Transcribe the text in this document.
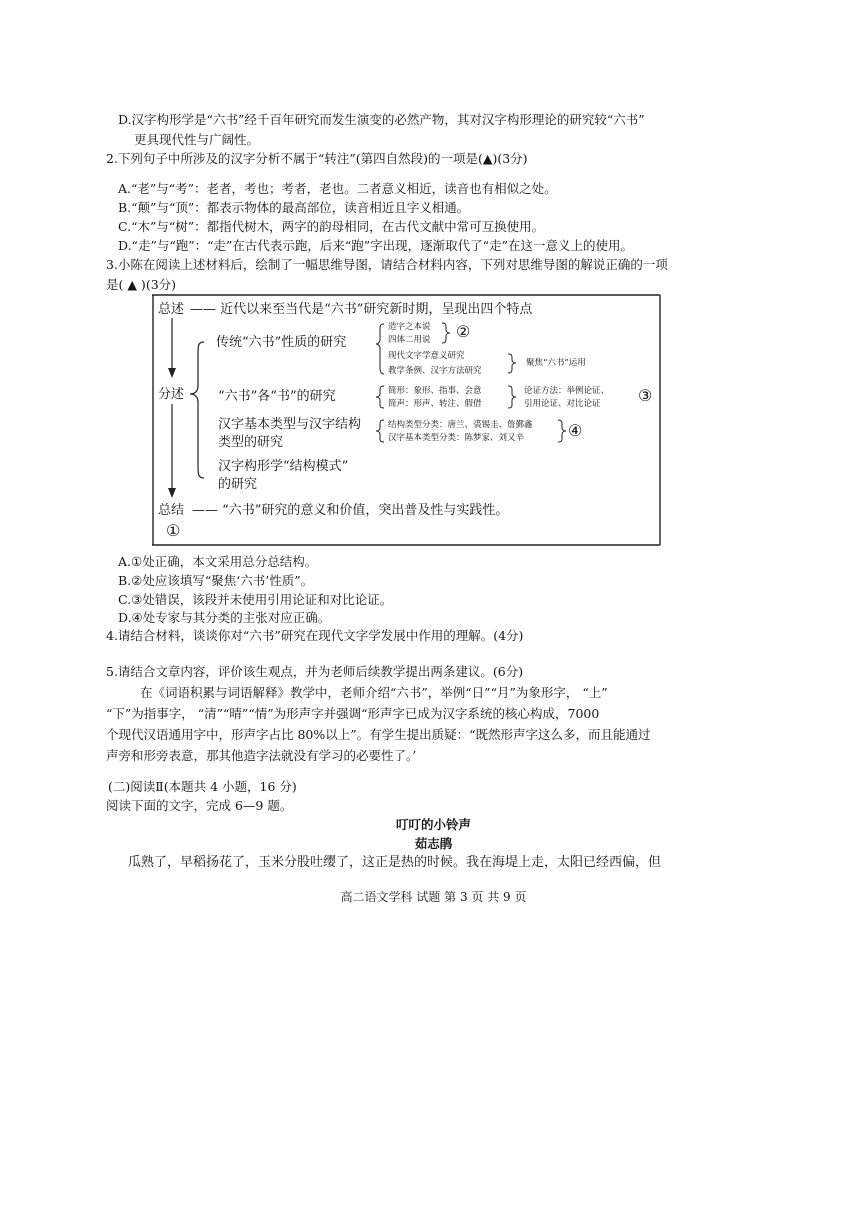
D.汉字构形学是“六书”经千百年研究而发生演变的必然产物，其对汉字构形理论的研究较“六书”
更具现代性与广阔性。
2.下列句子中所涉及的汉字分析不属于“转注”(第四自然段)的一项是(▲)(3分)
A.“老”与“考”：老者，考也；考者，老也。二者意义相近，读音也有相似之处。
B.“颠”与“顶”：都表示物体的最高部位，读音相近且字义相通。
C.“木”与“树”：都指代树木，两字的韵母相同，在古代文献中常可互换使用。
D.“走”与“跑”：“走”在古代表示跑，后来“跑”字出现，逐渐取代了“走”在这一意义上的使用。
3.小陈在阅读上述材料后，绘制了一幅思维导图，请结合材料内容，下列对思维导图的解说正确的一项
是( ▲ )(3分)
总述 —— 近代以来至当代是“六书”研究新时期，呈现出四个特点
分述
传统“六书”性质的研究
造字之本说
四体二用说 ②
现代文字学意义研究
教学条例、汉字方法研究
聚焦“六书”运用
“六书”各“书”的研究	简形：象形、指事、会意
简声：形声、转注、假借
论证方法：举例论证、
引用论证、对比论证 ③
汉字基本类型与汉字结构
类型的研究
结构类型分类：唐兰、裘锡圭、詹鄞鑫
汉字基本类型分类：陈梦家、刘又辛	④
汉字构形学“结构模式”
的研究
总结 —— “六书”研究的意义和价值，突出普及性与实践性。
①
A.①处正确，本文采用总分总结构。
B.②处应该填写“聚焦‘六书’性质”。
C.③处错误，该段并未使用引用论证和对比论证。
D.④处专家与其分类的主张对应正确。
4.请结合材料，谈谈你对“六书”研究在现代文字学发展中作用的理解。(4分)
5.请结合文章内容，评价该生观点，并为老师后续教学提出两条建议。(6分)
在《词语积累与词语解释》教学中，老师介绍“六书”，举例“日”“月”为象形字， “上”
“下”为指事字， “清”“晴”“情”为形声字并强调“形声字已成为汉字系统的核心构成，7000
个现代汉语通用字中，形声字占比 80%以上”。有学生提出质疑：“既然形声字这么多，而且能通过
声旁和形旁表意，那其他造字法就没有学习的必要性了。’
(二)阅读Ⅱ(本题共 4 小题，16 分)
阅读下面的文字，完成 6—9 题。
叮叮的小铃声
茹志鹃
瓜熟了，早稻扬花了，玉米分股吐缨了，这正是热的时候。我在海堤上走，太阳已经西偏，但
高二语文学科 试题 第 3 页 共 9 页
